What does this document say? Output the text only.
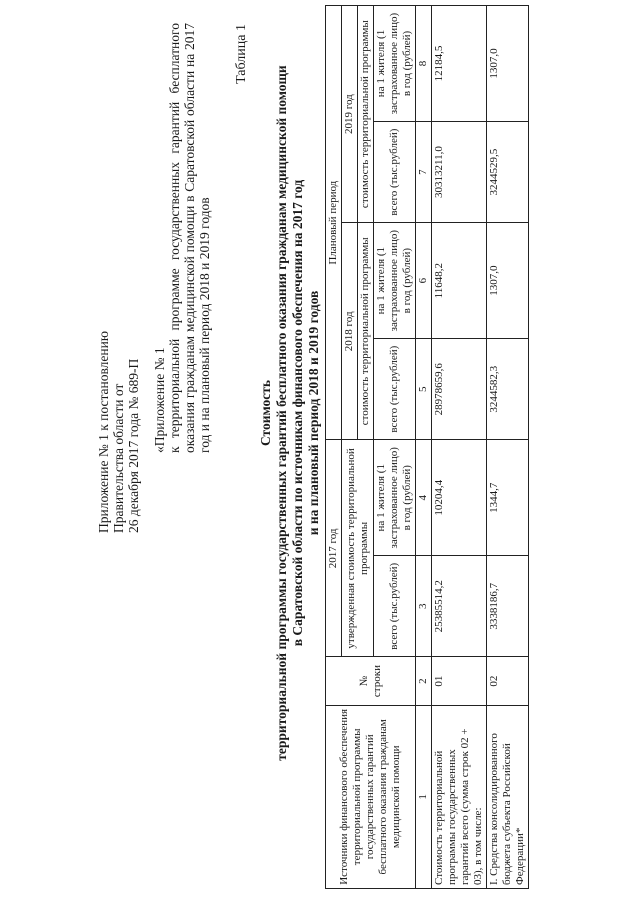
Приложение № 1 к постановлению Правительства области от 26 декабря 2017 года № 689-П «Приложение № 1 к территориальной программе государственных гарантий бесплатного оказания гражданам медицинской помощи в Саратовской области на 2017 год и на плановый период 2018 и 2019 годов
Таблица 1
Стоимость территориальной программы государственных гарантий бесплатного оказания гражданам медицинской помощи в Саратовской области по источникам финансового обеспечения на 2017 год и на плановый период 2018 и 2019 годов
Источники финансового обеспечения территориальной программы государственных гарантий бесплатного оказания гражданам медицинской помощи	№ строки	2017 год		Плановый период			
		утвержденная стоимость территориальной программы		2018 год		2019 год	
				стоимость территориальной программы		стоимость территориальной программы	
		всего (тыс.рублей)	на 1 жителя (1 застрахованное лицо) в год (рублей)	всего (тыс.рублей)	на 1 жителя (1 застрахованное лицо) в год (рублей)	всего (тыс.рублей)	на 1 жителя (1 застрахованное лицо) в год (рублей)
1	2	3	4	5	6	7	8
Стоимость территориальной программы государственных гарантий всего (сумма строк 02 + 03), в том числе:	01	25385514,2	10204,4	28978659,6	11648,2	30313211,0	12184,5
I. Средства консолидированного бюджета субъекта Российской Федерации*	02	3338186,7	1344,7	3244582,3	1307,0	3244529,5	1307,0
